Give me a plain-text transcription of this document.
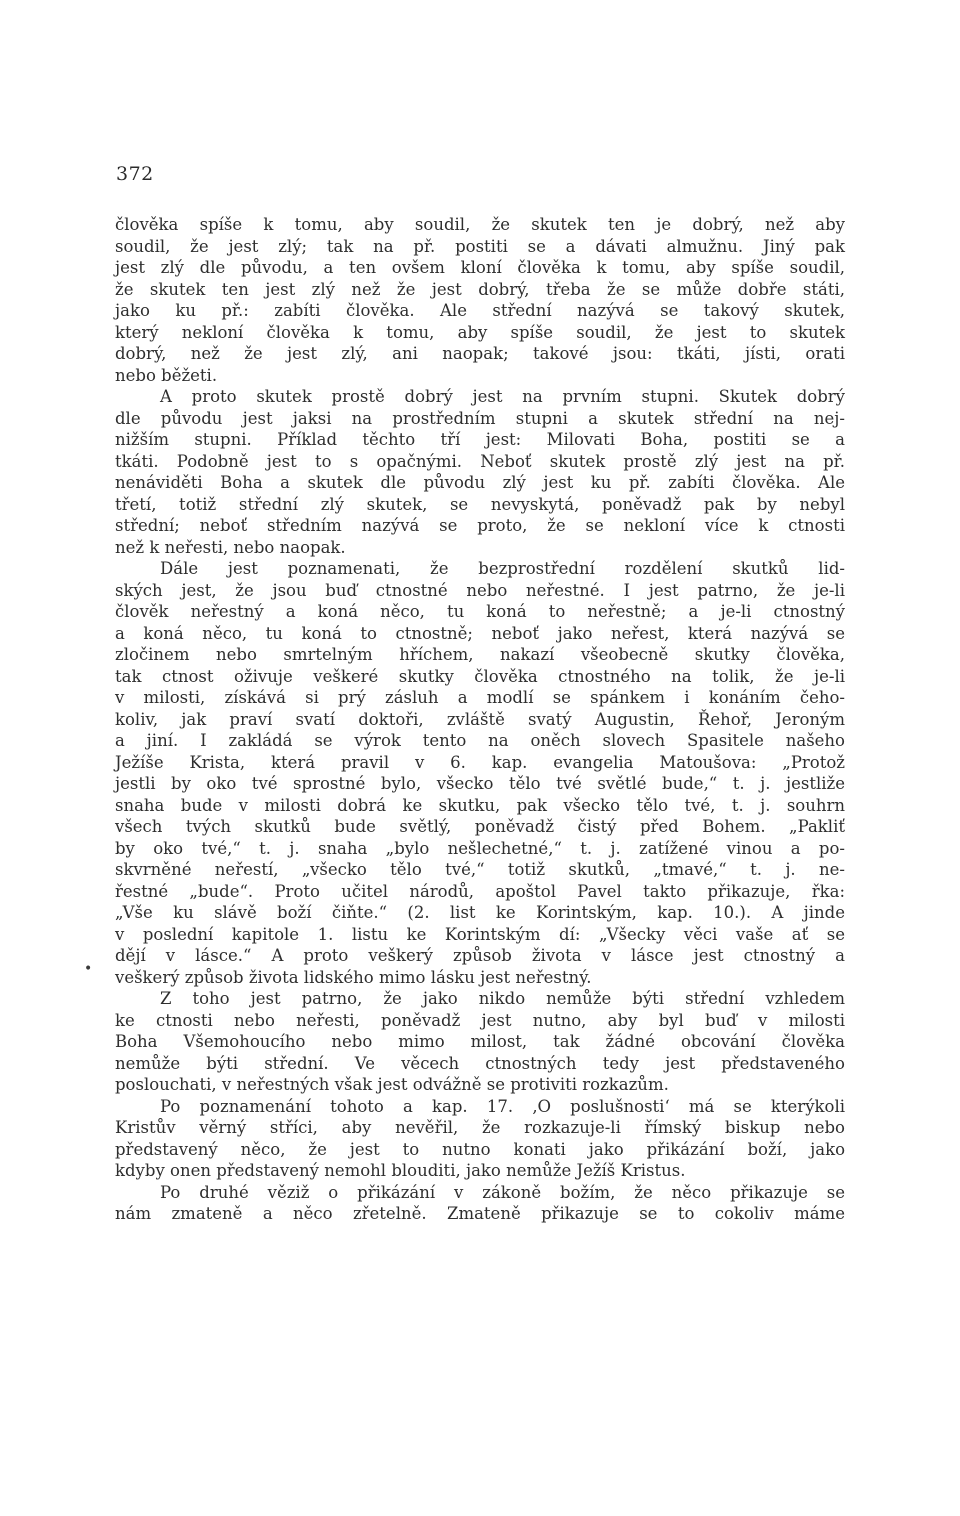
372
•
člověka spíše k tomu, aby soudil, že skutek ten je dobrý, než aby
soudil, že jest zlý; tak na př. postiti se a dávati almužnu. Jiný pak
jest zlý dle původu, a ten ovšem kloní člověka k tomu, aby spíše soudil,
že skutek ten jest zlý než že jest dobrý, třeba že se může dobře státi,
jako ku př.: zabíti člověka. Ale střední nazývá se takový skutek,
který nekloní člověka k tomu, aby spíše soudil, že jest to skutek
dobrý, než že jest zlý, ani naopak; takové jsou: tkáti, jísti, orati
nebo běžeti.
A proto skutek prostě dobrý jest na prvním stupni. Skutek dobrý
dle původu jest jaksi na prostředním stupni a skutek střední na nej-
nižším stupni. Příklad těchto tří jest: Milovati Boha, postiti se a
tkáti. Podobně jest to s opačnými. Neboť skutek prostě zlý jest na př.
nenáviděti Boha a skutek dle původu zlý jest ku př. zabíti člověka. Ale
třetí, totiž střední zlý skutek, se nevyskytá, poněvadž pak by nebyl
střední; neboť středním nazývá se proto, že se nekloní více k ctnosti
než k neřesti, nebo naopak.
Dále jest poznamenati, že bezprostřední rozdělení skutků lid-
ských jest, že jsou buď ctnostné nebo neřestné. I jest patrno, že je-li
člověk neřestný a koná něco, tu koná to neřestně; a je-li ctnostný
a koná něco, tu koná to ctnostně; neboť jako neřest, která nazývá se
zločinem nebo smrtelným hříchem, nakazí všeobecně skutky člověka,
tak ctnost oživuje veškeré skutky člověka ctnostného na tolik, že je-li
v milosti, získává si prý zásluh a modlí se spánkem i konáním čeho-
koliv, jak praví svatí doktoři, zvláště svatý Augustin, Řehoř, Jeroným
a jiní. I zakládá se výrok tento na oněch slovech Spasitele našeho
Ježíše Krista, která pravil v 6. kap. evangelia Matoušova: „Protož
jestli by oko tvé sprostné bylo, všecko tělo tvé světlé bude,“ t. j. jestliže
snaha bude v milosti dobrá ke skutku, pak všecko tělo tvé, t. j. souhrn
všech tvých skutků bude světlý, poněvadž čistý před Bohem. „Pakliť
by oko tvé,“ t. j. snaha „bylo nešlechetné,“ t. j. zatížené vinou a po-
skvrněné neřestí, „všecko tělo tvé,“ totiž skutků, „tmavé,“ t. j. ne-
řestné „bude“. Proto učitel národů, apoštol Pavel takto přikazuje, řka:
„Vše ku slávě boží čiňte.“ (2. list ke Korintským, kap. 10.). A jinde
v poslední kapitole 1. listu ke Korintským dí: „Všecky věci vaše ať se
dějí v lásce.“ A proto veškerý způsob života v lásce jest ctnostný a
veškerý způsob života lidského mimo lásku jest neřestný.
Z toho jest patrno, že jako nikdo nemůže býti střední vzhledem
ke ctnosti nebo neřesti, poněvadž jest nutno, aby byl buď v milosti
Boha Všemohoucího nebo mimo milost, tak žádné obcování člověka
nemůže býti střední. Ve věcech ctnostných tedy jest představeného
poslouchati, v neřestných však jest odvážně se protiviti rozkazům.
Po poznamenání tohoto a kap. 17. ‚O poslušnosti‘ má se kterýkoli
Kristův věrný stříci, aby nevěřil, že rozkazuje-li římský biskup nebo
představený něco, že jest to nutno konati jako přikázání boží, jako
kdyby onen představený nemohl blouditi, jako nemůže Ježíš Kristus.
Po druhé věziž o přikázání v zákoně božím, že něco přikazuje se
nám zmateně a něco zřetelně. Zmateně přikazuje se to cokoliv máme
